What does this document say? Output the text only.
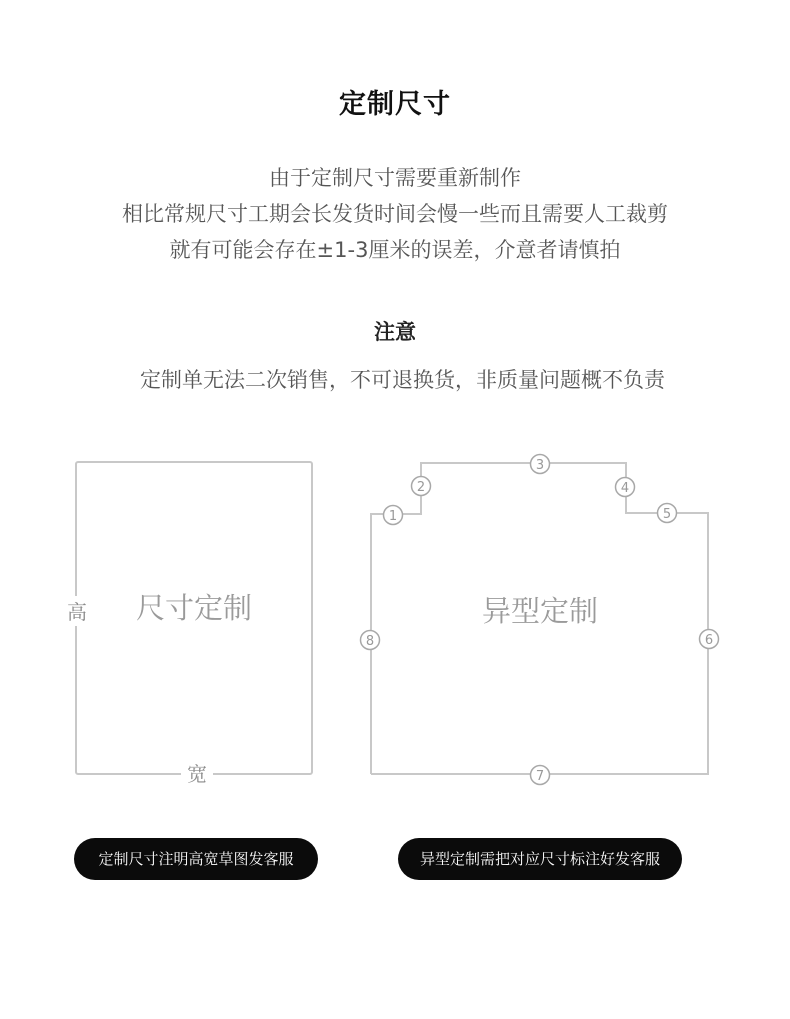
定制尺寸
由于定制尺寸需要重新制作
相比常规尺寸工期会长发货时间会慢一些而且需要人工裁剪
就有可能会存在±1-3厘米的误差，介意者请慎拍
注意
定制单无法二次销售，不可退换货，非质量问题概不负责
高
宽
尺寸定制	异型定制
1
2
3
4
5
6
7
8
定制尺寸注明高宽草图发客服	异型定制需把对应尺寸标注好发客服
